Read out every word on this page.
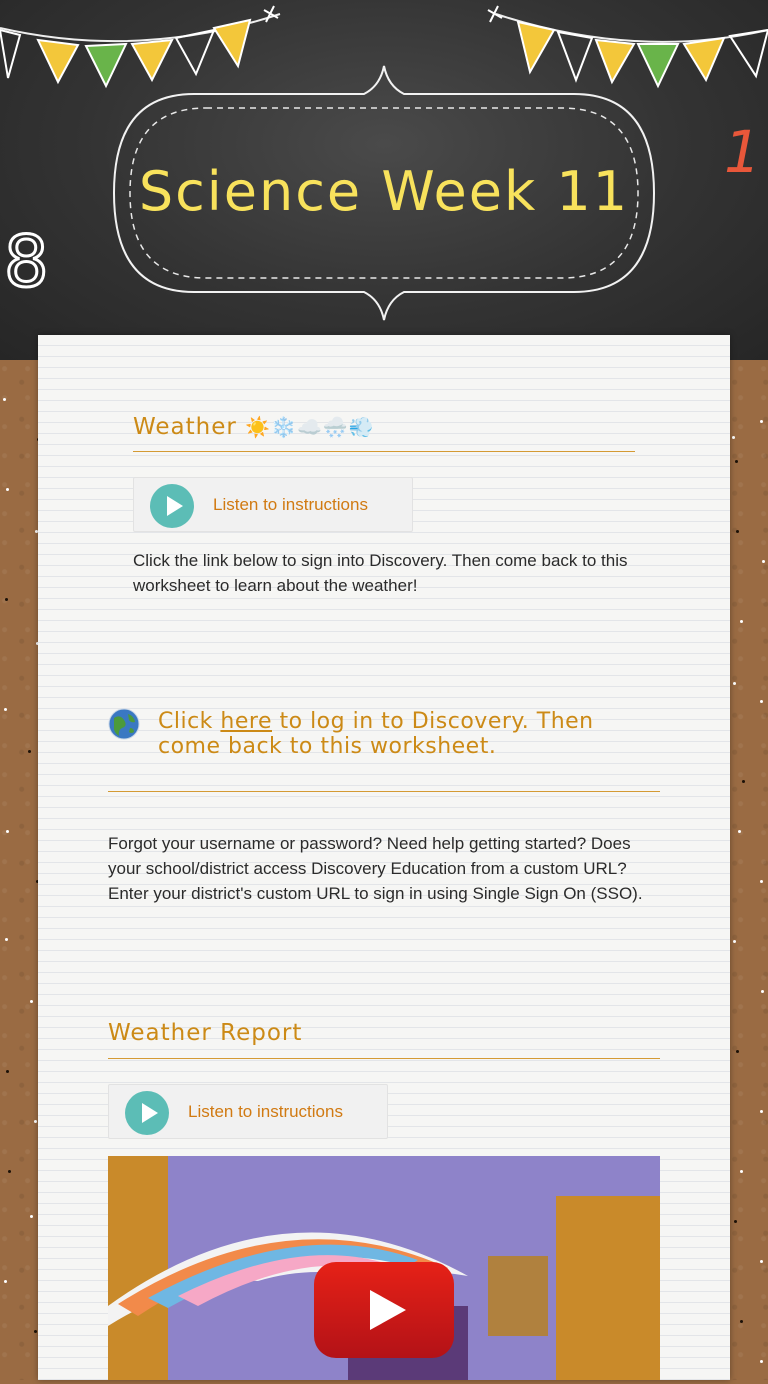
Science Week 11
8
1
Weather ☀️❄️☁️🌨️💨
Listen to instructions

Click the link below to sign into Discovery. Then come back to this worksheet to learn about the weather!

Click here to log in to Discovery. Then come back to this worksheet.

Forgot your username or password? Need help getting started? Does your school/district access Discovery Education from a custom URL? Enter your district's custom URL to sign in using Single Sign On (SSO).

Weather Report
Listen to instructions
